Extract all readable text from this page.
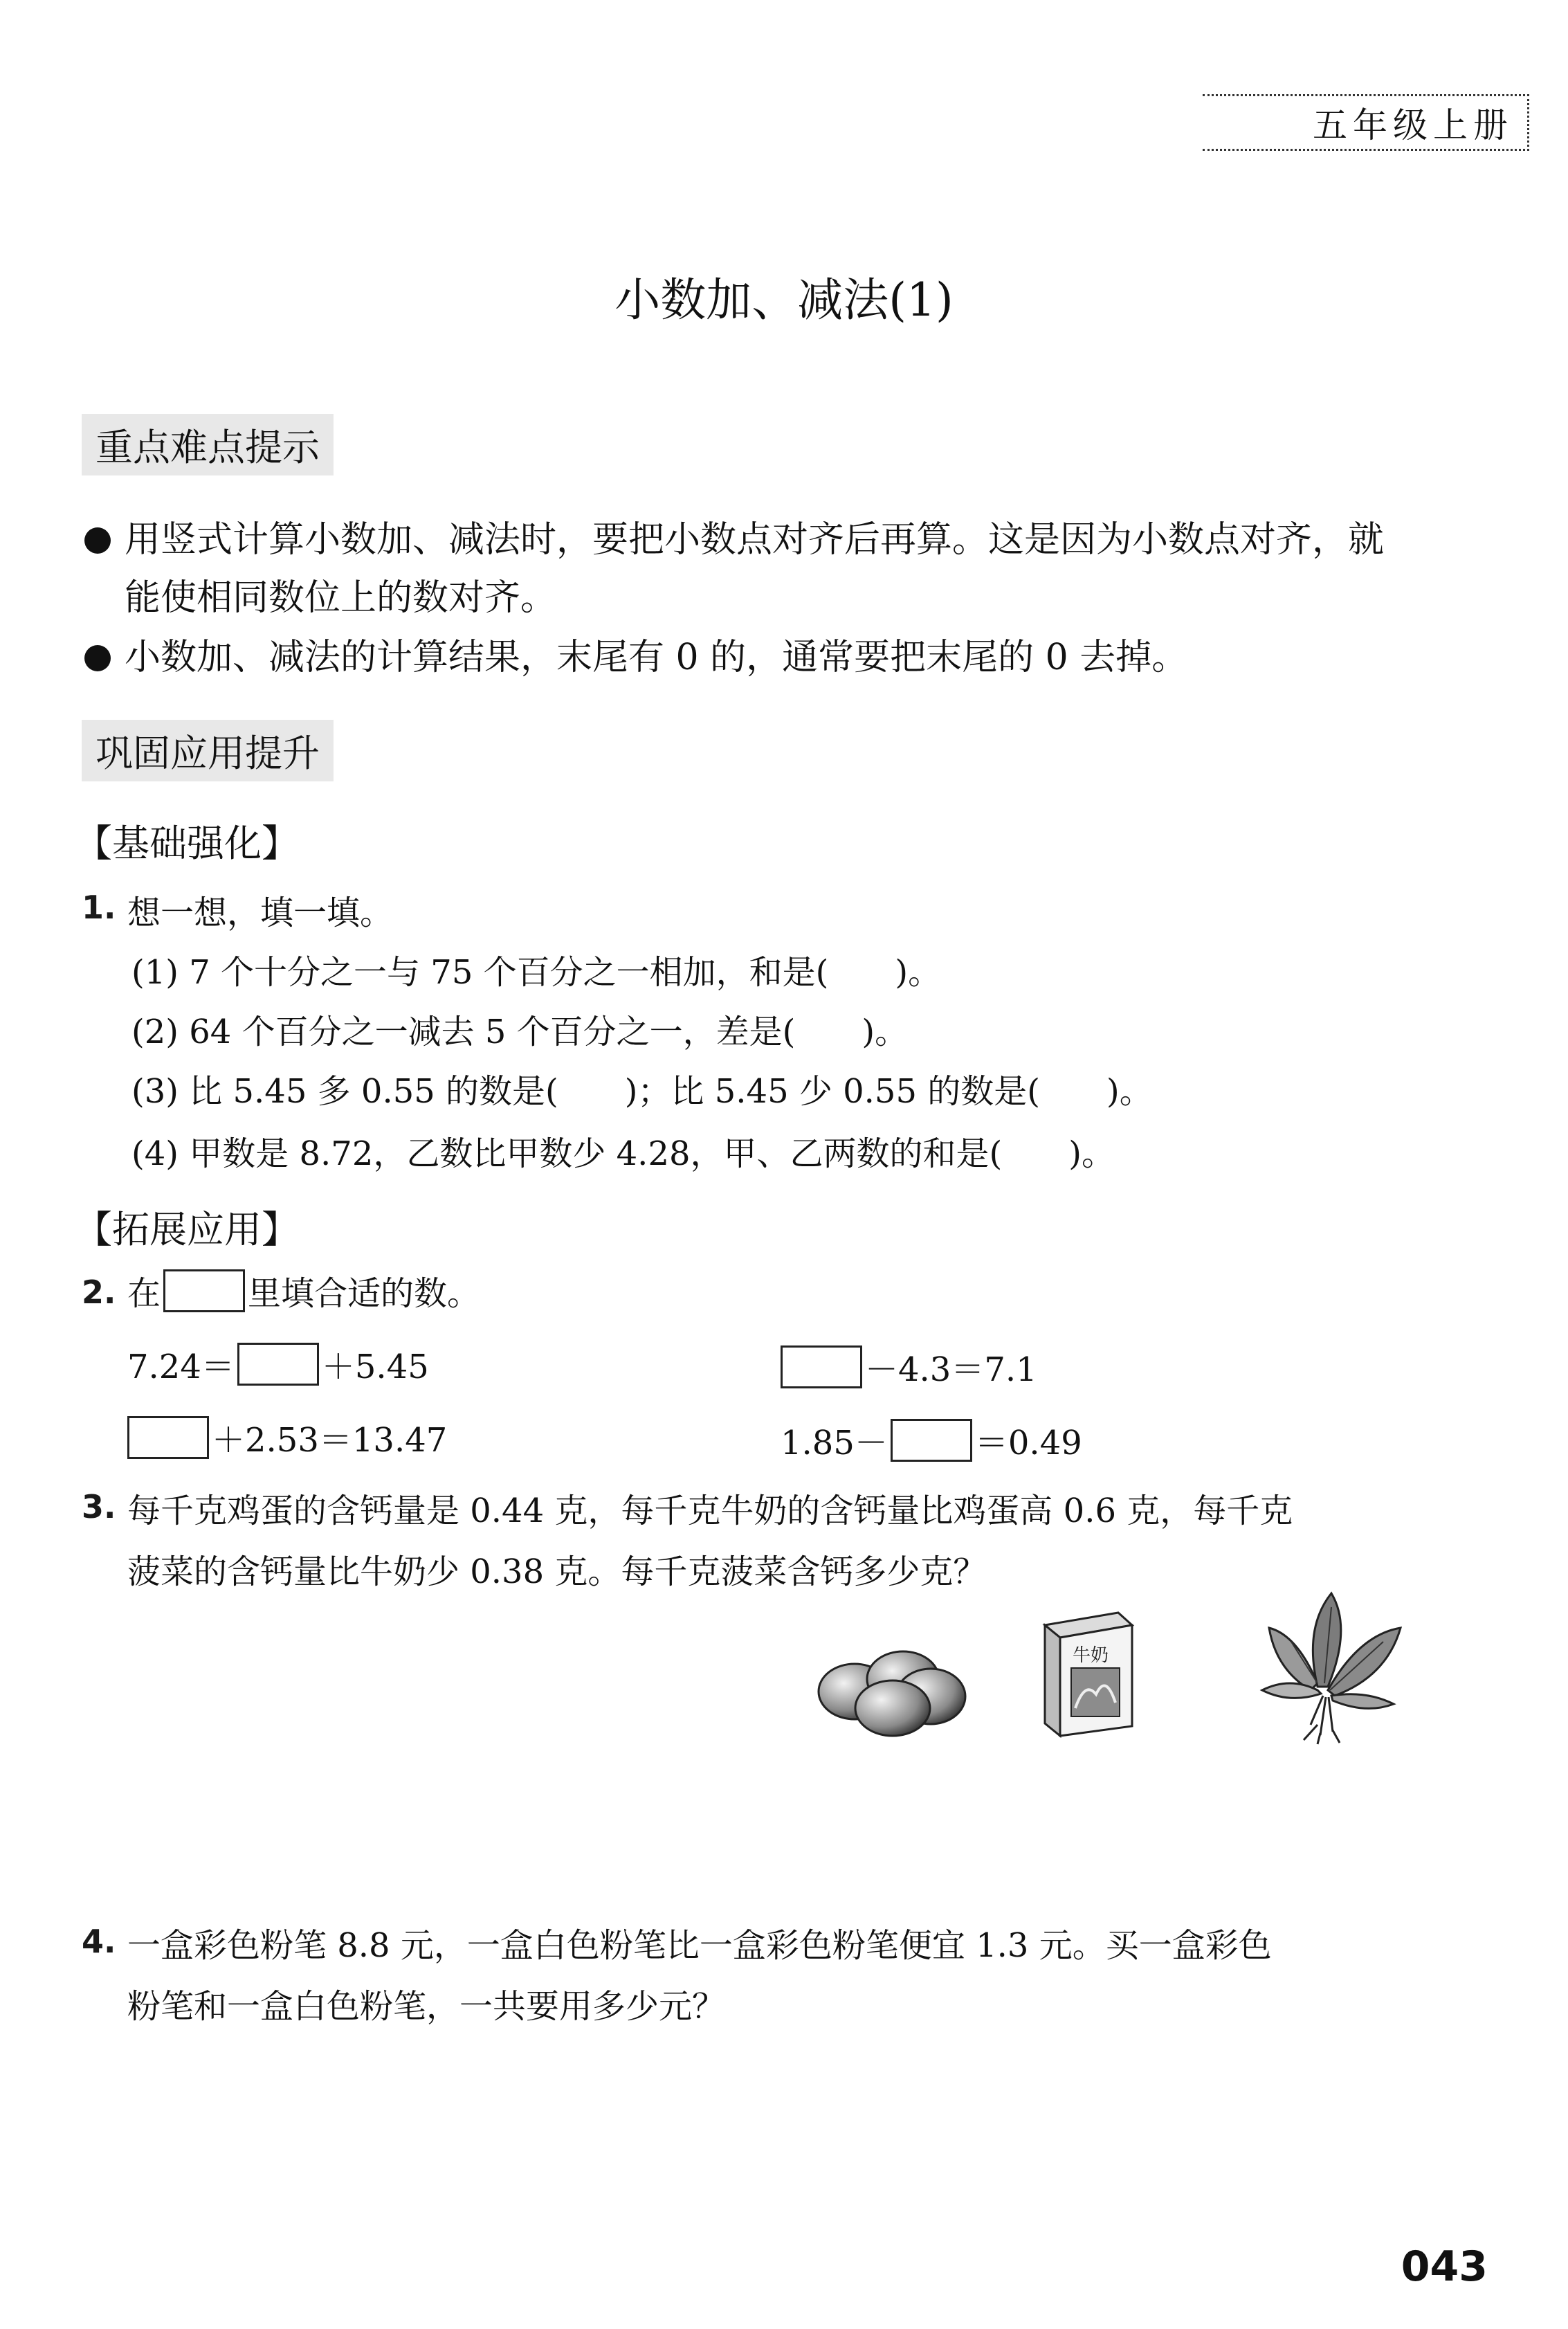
五年级上册
小数加、减法(1)
重点难点提示
用竖式计算小数加、减法时，要把小数点对齐后再算。这是因为小数点对齐，就
能使相同数位上的数对齐。
小数加、减法的计算结果，末尾有 0 的，通常要把末尾的 0 去掉。
巩固应用提升
【基础强化】
1. 想一想，填一填。
(1) 7 个十分之一与 75 个百分之一相加，和是(　　)。
(2) 64 个百分之一减去 5 个百分之一，差是(　　)。
(3) 比 5.45 多 0.55 的数是(　　)；比 5.45 少 0.55 的数是(　　)。
(4) 甲数是 8.72，乙数比甲数少 4.28，甲、乙两数的和是(　　)。
【拓展应用】
2. 在	里填合适的数。
7.24＝	＋5.45	－4.3＝7.1
＋2.53＝13.47	1.85－	＝0.49
3. 每千克鸡蛋的含钙量是 0.44 克，每千克牛奶的含钙量比鸡蛋高 0.6 克，每千克
菠菜的含钙量比牛奶少 0.38 克。每千克菠菜含钙多少克？
牛奶
4. 一盒彩色粉笔 8.8 元，一盒白色粉笔比一盒彩色粉笔便宜 1.3 元。买一盒彩色
粉笔和一盒白色粉笔，一共要用多少元？
043
